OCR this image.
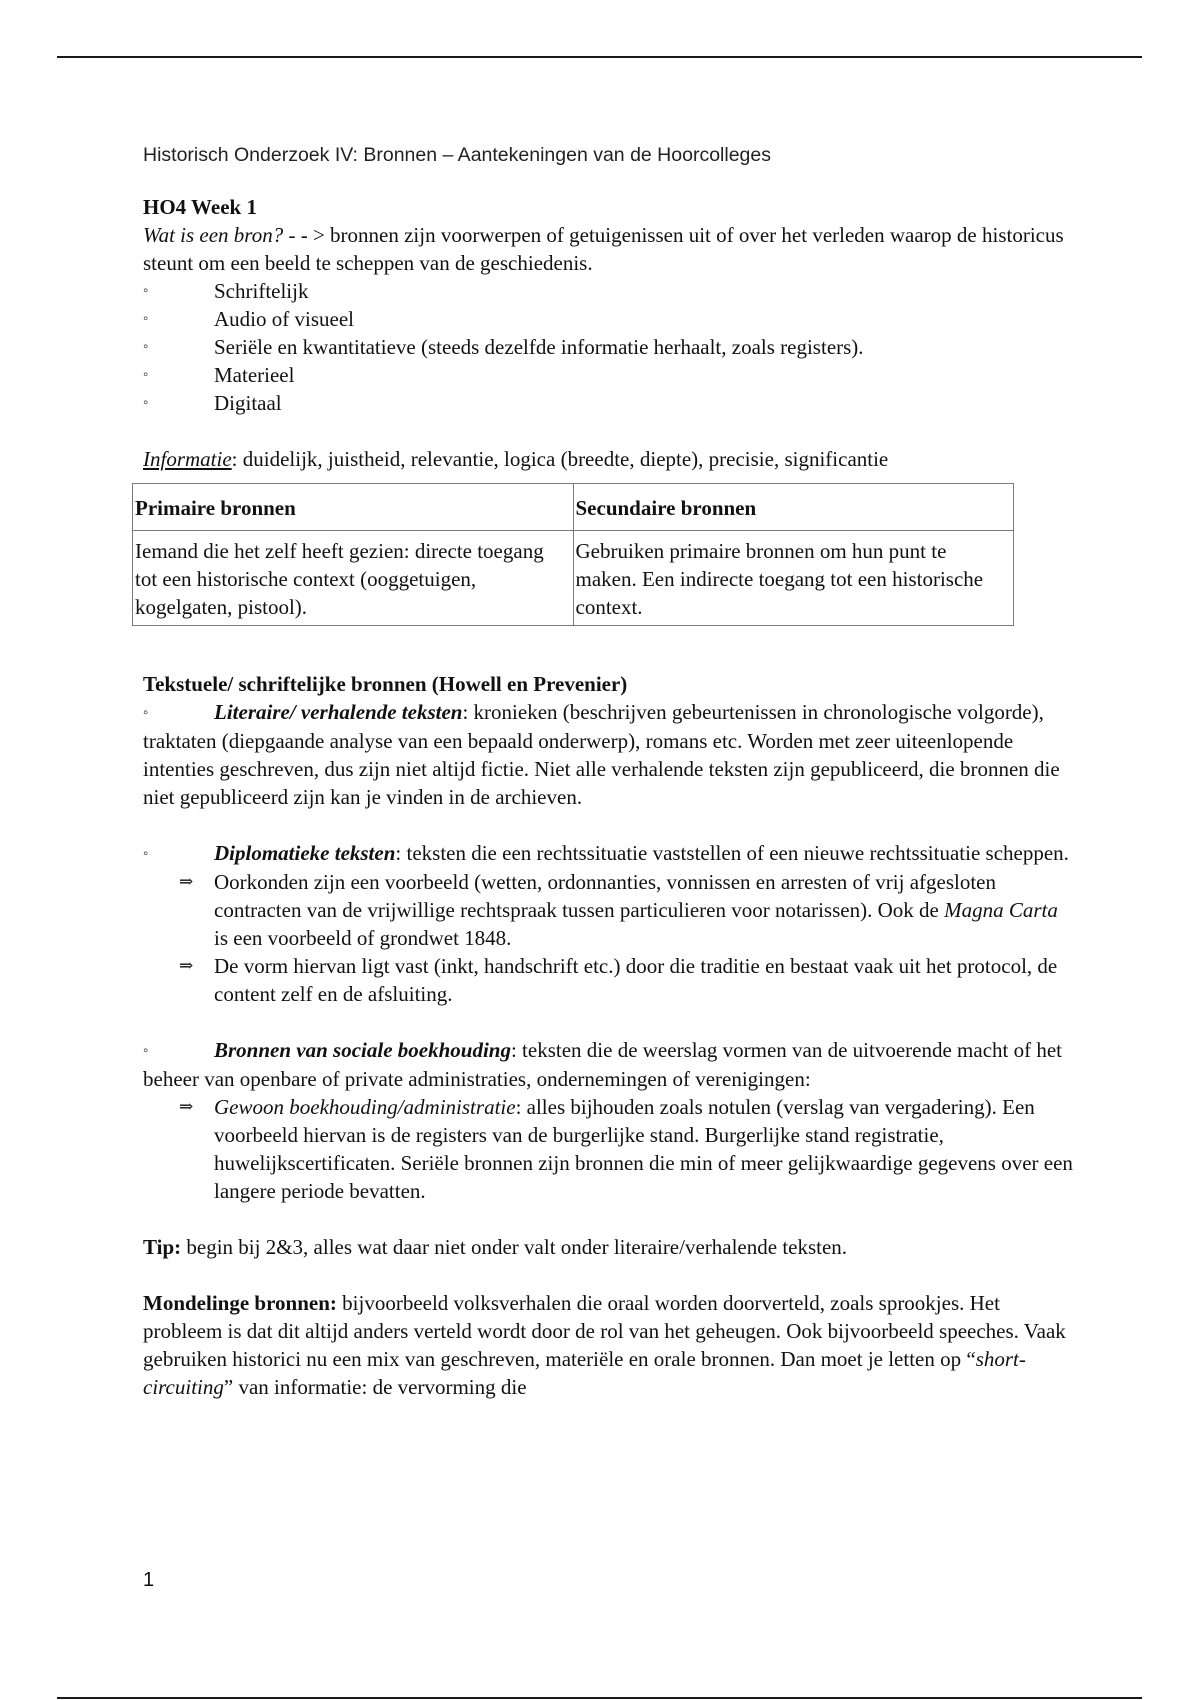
Historisch Onderzoek IV: Bronnen – Aantekeningen van de Hoorcolleges
HO4 Week 1

Wat is een bron? - - > bronnen zijn voorwerpen of getuigenissen uit of over het verleden waarop de historicus steunt om een beeld te scheppen van de geschiedenis.

◦	Schriftelijk
◦	Audio of visueel
◦	Seriële en kwantitatieve (steeds dezelfde informatie herhaalt, zoals registers).
◦	Materieel
◦	Digitaal

Informatie: duidelijk, juistheid, relevantie, logica (breedte, diepte), precisie, significantie

Primaire bronnen	Secundaire bronnen
Iemand die het zelf heeft gezien: directe toegang tot een historische context (ooggetuigen, kogelgaten, pistool).	Gebruiken primaire bronnen om hun punt te maken. Een indirecte toegang tot een historische context.
Tekstuele/ schriftelijke bronnen (Howell en Prevenier)

◦	Literaire/ verhalende teksten: kronieken (beschrijven gebeurtenissen in chronologische volgorde), traktaten (diepgaande analyse van een bepaald onderwerp), romans etc. Worden met zeer uiteenlopende intenties geschreven, dus zijn niet altijd fictie. Niet alle verhalende teksten zijn gepubliceerd, die bronnen die niet gepubliceerd zijn kan je vinden in de archieven.

◦	Diplomatieke teksten: teksten die een rechtssituatie vaststellen of een nieuwe rechtssituatie scheppen.

⇒ Oorkonden zijn een voorbeeld (wetten, ordonnanties, vonnissen en arresten of vrij afgesloten contracten van de vrijwillige rechtspraak tussen particulieren voor notarissen). Ook de Magna Carta is een voorbeeld of grondwet 1848.
⇒ De vorm hiervan ligt vast (inkt, handschrift etc.) door die traditie en bestaat vaak uit het protocol, de content zelf en de afsluiting.

◦	Bronnen van sociale boekhouding: teksten die de weerslag vormen van de uitvoerende macht of het beheer van openbare of private administraties, ondernemingen of verenigingen:

⇒ Gewoon boekhouding/administratie: alles bijhouden zoals notulen (verslag van vergadering). Een voorbeeld hiervan is de registers van de burgerlijke stand. Burgerlijke stand registratie, huwelijkscertificaten. Seriële bronnen zijn bronnen die min of meer gelijkwaardige gegevens over een langere periode bevatten.

Tip: begin bij 2&3, alles wat daar niet onder valt onder literaire/verhalende teksten.

Mondelinge bronnen: bijvoorbeeld volksverhalen die oraal worden doorverteld, zoals sprookjes. Het probleem is dat dit altijd anders verteld wordt door de rol van het geheugen. Ook bijvoorbeeld speeches. Vaak gebruiken historici nu een mix van geschreven, materiële en orale bronnen. Dan moet je letten op “short-circuiting” van informatie: de vervorming die

1
